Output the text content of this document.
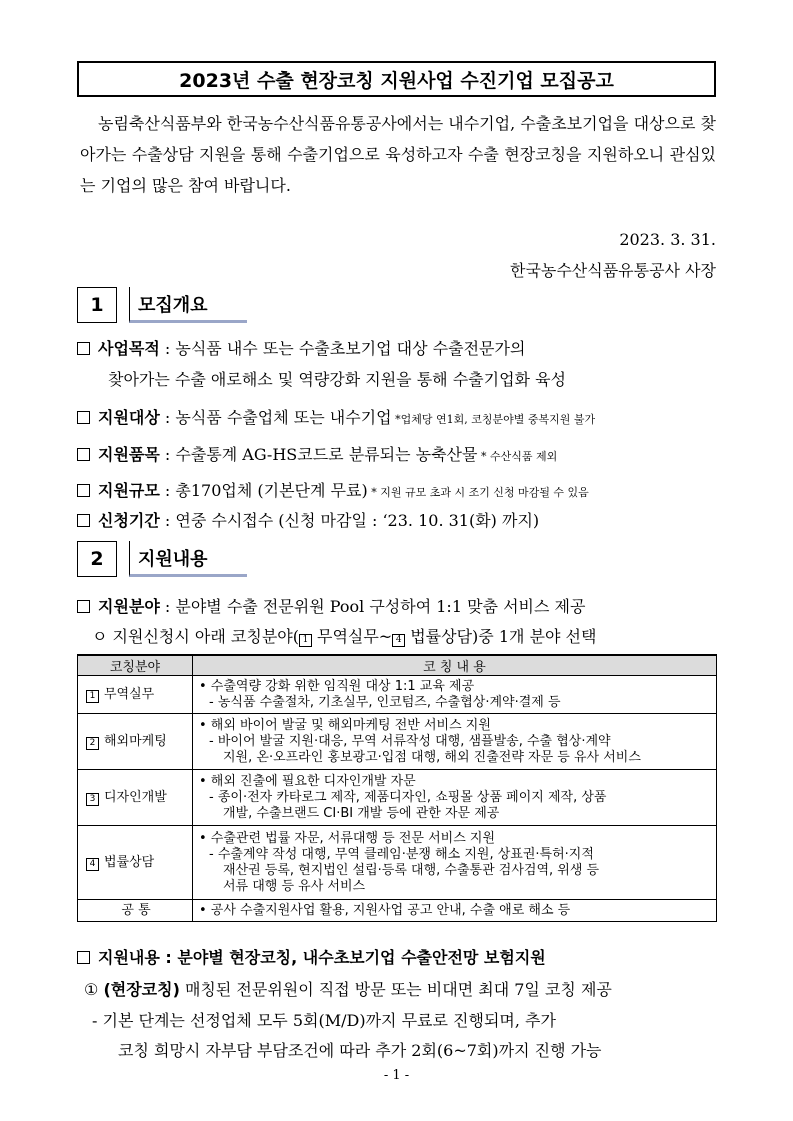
2023년 수출 현장코칭 지원사업 수진기업 모집공고
농림축산식품부와 한국농수산식품유통공사에서는 내수기업, 수출초보기업을 대상으로 찾아가는 수출상담 지원을 통해 수출기업으로 육성하고자 수출 현장코칭을 지원하오니 관심있는 기업의 많은 참여 바랍니다.
2023. 3. 31.
한국농수산식품유통공사 사장
1	모집개요
사업목적 : 농식품 내수 또는 수출초보기업 대상 수출전문가의
찾아가는 수출 애로해소 및 역량강화 지원을 통해 수출기업화 육성
지원대상 : 농식품 수출업체 또는 내수기업 *업체당 연1회, 코칭분야별 중복지원 불가
지원품목 : 수출통계 AG-HS코드로 분류되는 농축산물 * 수산식품 제외
지원규모 : 총170업체 (기본단계 무료) * 지원 규모 초과 시 조기 신청 마감될 수 있음
신청기간 : 연중 수시접수 (신청 마감일 : ‘23. 10. 31(화) 까지)
2	지원내용
지원분야 : 분야별 수출 전문위원 Pool 구성하여 1:1 맞춤 서비스 제공
ㅇ 지원신청시 아래 코칭분야( 1 무역실무~ 4 법률상담)중 1개 분야 선택
코칭분야	코 칭 내 용
1 무역실무	• 수출역량 강화 위한 임직원 대상 1:1 교육 제공
- 농식품 수출절차, 기초실무, 인코텀즈, 수출협상·계약·결제 등

2 해외마케팅	• 해외 바이어 발굴 및 해외마케팅 전반 서비스 지원
- 바이어 발굴 지원·대응, 무역 서류작성 대행, 샘플발송, 수출 협상·계약
지원, 온·오프라인 홍보광고·입점 대행, 해외 진출전략 자문 등 유사 서비스

3 디자인개발	• 해외 진출에 필요한 디자인개발 자문
- 종이·전자 카타로그 제작, 제품디자인, 쇼핑몰 상품 페이지 제작, 상품
개발, 수출브랜드 CI·BI 개발 등에 관한 자문 제공

4 법률상담	• 수출관련 법률 자문, 서류대행 등 전문 서비스 지원
- 수출계약 작성 대행, 무역 클레임·분쟁 해소 지원, 상표권·특허·지적
재산권 등록, 현지법인 설립·등록 대행, 수출통관 검사검역, 위생 등
서류 대행 등 유사 서비스

공 통	• 공사 수출지원사업 활용, 지원사업 공고 안내, 수출 애로 해소 등
지원내용 : 분야별 현장코칭, 내수초보기업 수출안전망 보험지원
① (현장코칭) 매칭된 전문위원이 직접 방문 또는 비대면 최대 7일 코칭 제공
- 기본 단계는 선정업체 모두 5회(M/D)까지 무료로 진행되며, 추가
코칭 희망시 자부담 부담조건에 따라 추가 2회(6~7회)까지 진행 가능
- 1 -
